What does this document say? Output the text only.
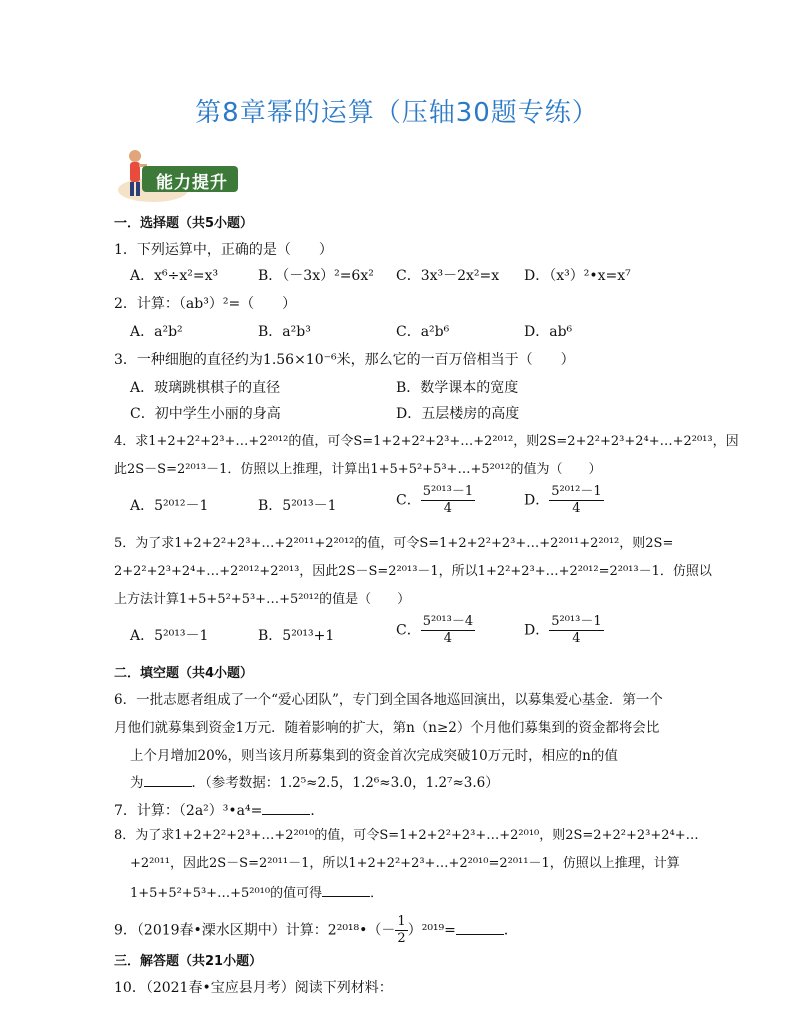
第8章幂的运算（压轴30题专练）
能力提升
一．选择题（共5小题）
1．下列运算中，正确的是（　　）
A．x⁶÷x²=x³	B．（－3x）²=6x² C．3x³－2x²=x D．（x³）²•x=x⁷
2．计算：（ab³）²=（　　）
A．a²b²	B．a²b³	C．a²b⁶	D．ab⁶
3．一种细胞的直径约为1.56×10⁻⁶米，那么它的一百万倍相当于（　　）
A．玻璃跳棋棋子的直径	B．数学课本的宽度
C．初中学生小丽的身高	D．五层楼房的高度
4．求1+2+2²+2³+…+2²⁰¹²的值，可令S=1+2+2²+2³+…+2²⁰¹²，则2S=2+2²+2³+2⁴+…+2²⁰¹³，因
此2S－S=2²⁰¹³－1．仿照以上推理，计算出1+5+5²+5³+…+5²⁰¹²的值为（　　）
A．5²⁰¹²－1	B．5²⁰¹³－1	C． $\frac{\text{5²⁰¹³－1}}{4}$	D． $\frac{\text{5²⁰¹²－1}}{4}$
5．为了求1+2+2²+2³+…+2²⁰¹¹+2²⁰¹²的值，可令S=1+2+2²+2³+…+2²⁰¹¹+2²⁰¹²，则2S=
2+2²+2³+2⁴+…+2²⁰¹²+2²⁰¹³，因此2S－S=2²⁰¹³－1，所以1+2²+2³+…+2²⁰¹²=2²⁰¹³－1．仿照以
上方法计算1+5+5²+5³+…+5²⁰¹²的值是（　　）
A．5²⁰¹³－1	B．5²⁰¹³+1	C． $\frac{\text{5²⁰¹³－4}}{4}$	D． $\frac{\text{5²⁰¹³－1}}{4}$
二．填空题（共4小题）
6．一批志愿者组成了一个“爱心团队”，专门到全国各地巡回演出，以募集爱心基金．第一个
月他们就募集到资金1万元．随着影响的扩大，第n（n≥2）个月他们募集到的资金都将会比
上个月增加20%，则当该月所募集到的资金首次完成突破10万元时，相应的n的值
为	．（参考数据：1.2⁵≈2.5，1.2⁶≈3.0，1.2⁷≈3.6）
7．计算：（2a²）³•a⁴=	．
8．为了求1+2+2²+2³+…+2²⁰¹⁰的值，可令S=1+2+2²+2³+…+2²⁰¹⁰，则2S=2+2²+2³+2⁴+…
+2²⁰¹¹，因此2S－S=2²⁰¹¹－1，所以1+2+2²+2³+…+2²⁰¹⁰=2²⁰¹¹－1，仿照以上推理，计算
1+5+5²+5³+…+5²⁰¹⁰的值可得	．
9．（2019春•溧水区期中）计算：2²⁰¹⁸•（－ $\frac{1}{2} )^{2019}=$	．
三．解答题（共21小题）
10．（2021春•宝应县月考）阅读下列材料：
